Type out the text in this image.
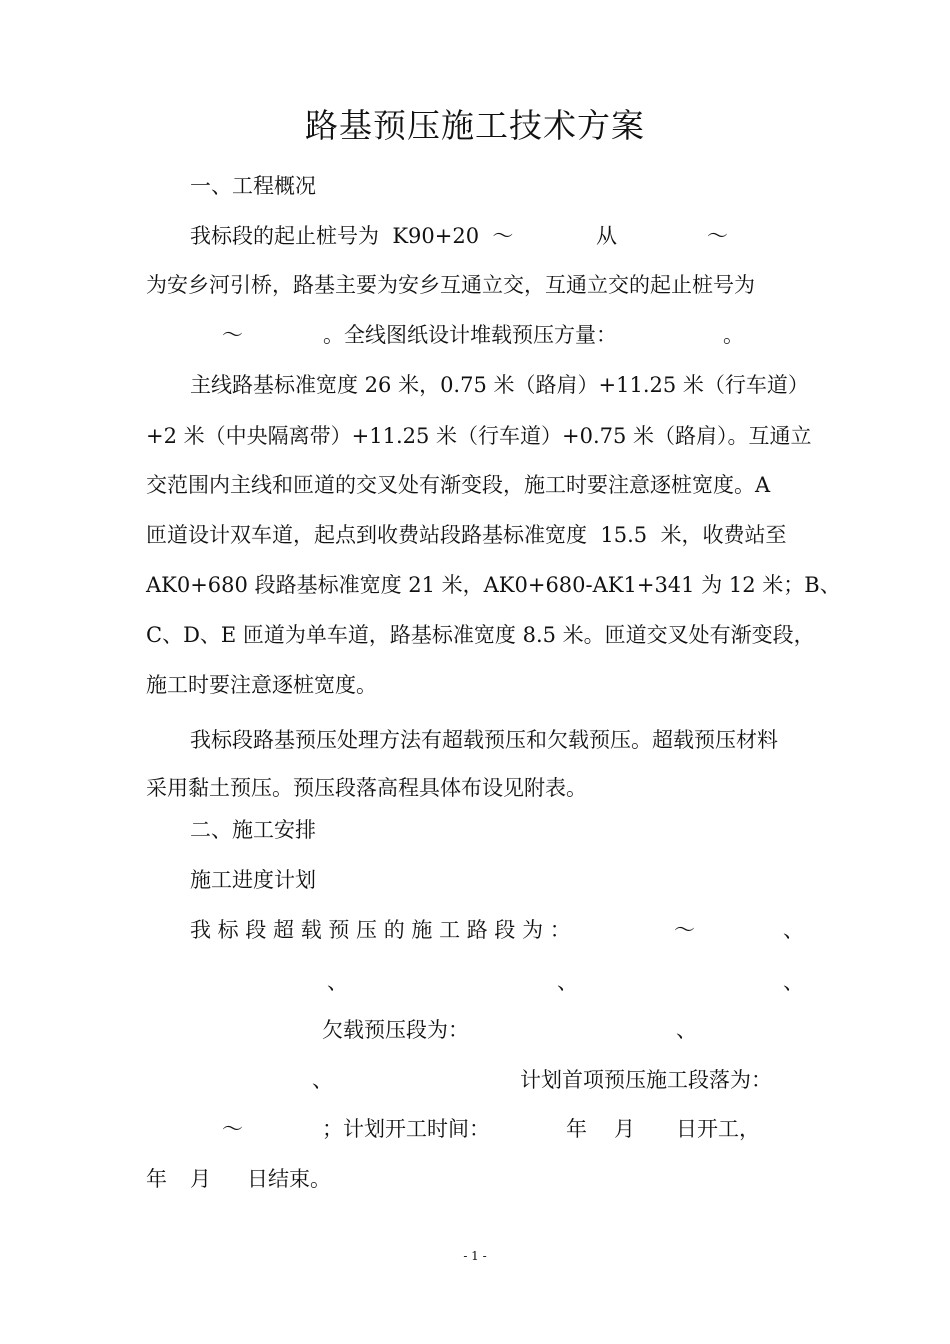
路基预压施工技术方案
一、工程概况
我标段的起止桩号为  K90+20  ～	从	～
为安乡河引桥，路基主要为安乡互通立交，互通立交的起止桩号为
～	。全线图纸设计堆载预压方量：	。
主线路基标准宽度 26 米，0.75 米（路肩）+11.25 米（行车道）
+2 米（中央隔离带）+11.25 米（行车道）+0.75 米（路肩）。互通立
交范围内主线和匝道的交叉处有渐变段，施工时要注意逐桩宽度。A
匝道设计双车道，起点到收费站段路基标准宽度  15.5  米，收费站至
AK0+680 段路基标准宽度 21 米，AK0+680-AK1+341 为 12 米；B、
C、D、E 匝道为单车道，路基标准宽度 8.5 米。匝道交叉处有渐变段，
施工时要注意逐桩宽度。
我标段路基预压处理方法有超载预压和欠载预压。超载预压材料
采用黏土预压。预压段落高程具体布设见附表。
二、施工安排
施工进度计划
我 标 段 超 载 预 压 的 施 工 路 段 为 ：	～	、
、	、	、
欠载预压段为：	、
、	计划首项预压施工段落为：
～	；计划开工时间：	年 月 日开工，
年 月 日结束。
- 1 -
